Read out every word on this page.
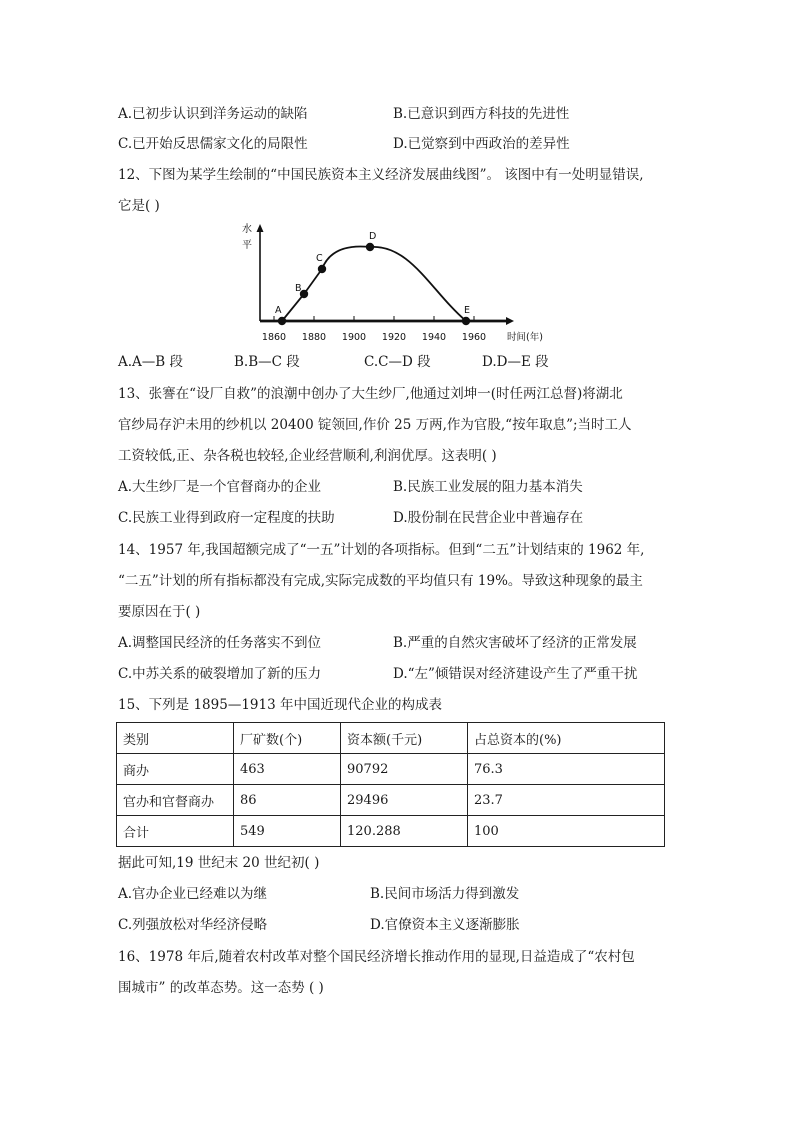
A.已初步认识到洋务运动的缺陷	B.已意识到西方科技的先进性
C.已开始反思儒家文化的局限性	D.已觉察到中西政治的差异性
12、下图为某学生绘制的“中国民族资本主义经济发展曲线图”。 该图中有一处明显错误,
它是( )
水
平
1860 1880 1900 1920 1940 1960
A
B
C
D
E
时间(年)
A.A—B 段	B.B—C 段	C.C—D 段	D.D—E 段
13、张謇在“设厂自救”的浪潮中创办了大生纱厂,他通过刘坤一(时任两江总督)将湖北
官纱局存沪未用的纱机以 20400 锭领回,作价 25 万两,作为官股,“按年取息”;当时工人
工资较低,正、杂各税也较轻,企业经营顺利,利润优厚。这表明( )
A.大生纱厂是一个官督商办的企业	B.民族工业发展的阻力基本消失
C.民族工业得到政府一定程度的扶助	D.股份制在民营企业中普遍存在
14、1957 年,我国超额完成了“一五”计划的各项指标。但到“二五”计划结束的 1962 年,
“二五”计划的所有指标都没有完成,实际完成数的平均值只有 19%。导致这种现象的最主
要原因在于( )
A.调整国民经济的任务落实不到位	B.严重的自然灾害破坏了经济的正常发展
C.中苏关系的破裂增加了新的压力	D.“左”倾错误对经济建设产生了严重干扰
15、下列是 1895—1913 年中国近现代企业的构成表
类别	厂矿数(个)	资本额(千元)	占总资本的(%)
商办	463	90792	76.3
官办和官督商办	86	29496	23.7
合计	549	120.288	100
据此可知,19 世纪末 20 世纪初( )
A.官办企业已经难以为继	B.民间市场活力得到激发
C.列强放松对华经济侵略	D.官僚资本主义逐渐膨胀
16、1978 年后,随着农村改革对整个国民经济增长推动作用的显现,日益造成了“农村包
围城市” 的改革态势。这一态势 ( )
